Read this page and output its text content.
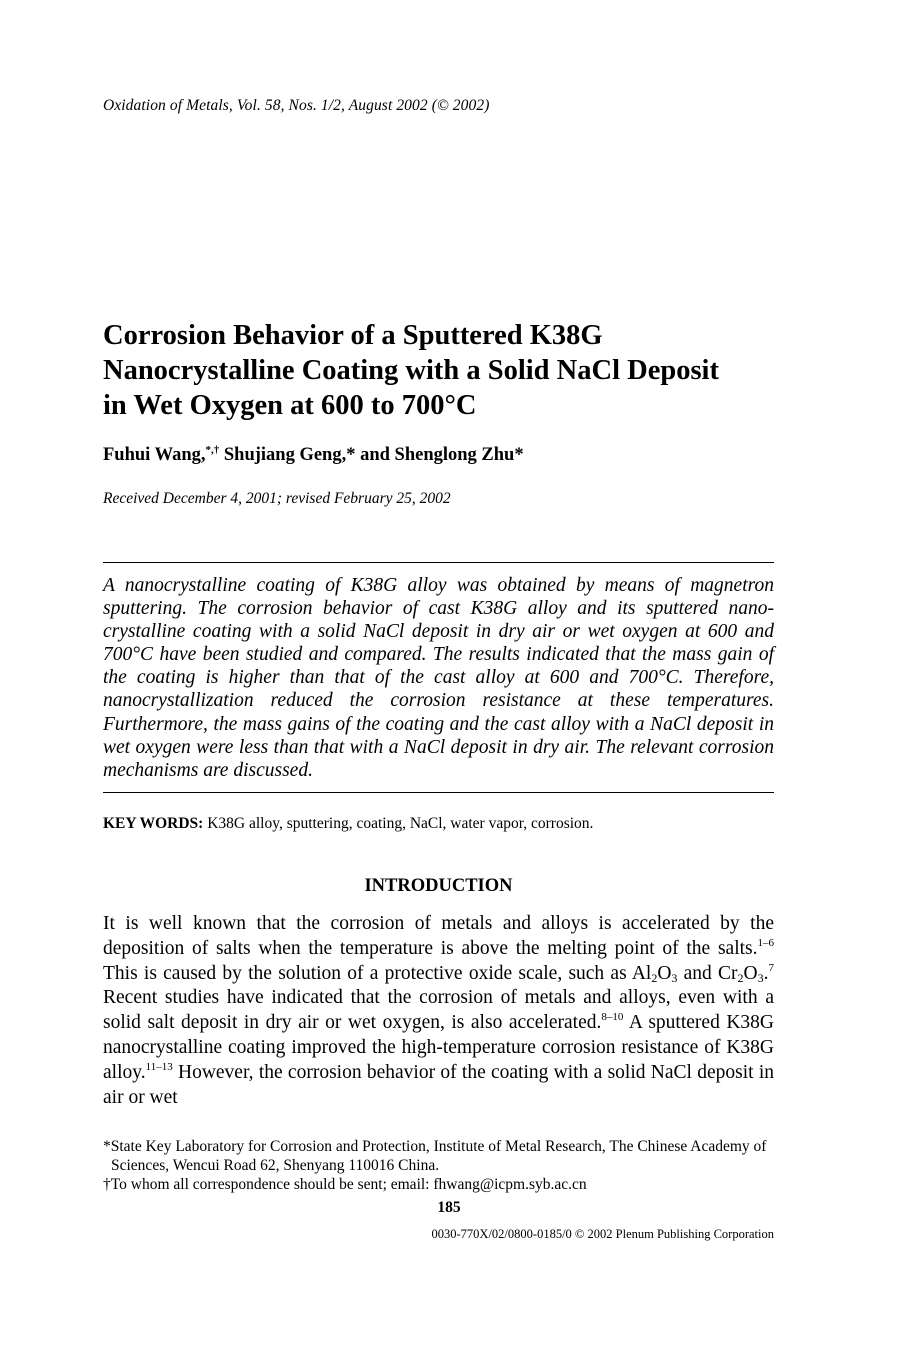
Oxidation of Metals, Vol. 58, Nos. 1/2, August 2002 (© 2002)
Corrosion Behavior of a Sputtered K38G
Nanocrystalline Coating with a Solid NaCl Deposit
in Wet Oxygen at 600 to 700°C
Fuhui Wang,*,† Shujiang Geng,* and Shenglong Zhu*
Received December 4, 2001; revised February 25, 2002

A nanocrystalline coating of K38G alloy was obtained by means of magnetron sputtering. The corrosion behavior of cast K38G alloy and its sputtered nano-crystalline coating with a solid NaCl deposit in dry air or wet oxygen at 600 and 700°C have been studied and compared. The results indicated that the mass gain of the coating is higher than that of the cast alloy at 600 and 700°C. Therefore, nanocrystallization reduced the corrosion resistance at these temperatures. Furthermore, the mass gains of the coating and the cast alloy with a NaCl deposit in wet oxygen were less than that with a NaCl deposit in dry air. The relevant corrosion mechanisms are discussed.

KEY WORDS: K38G alloy, sputtering, coating, NaCl, water vapor, corrosion.
INTRODUCTION

It is well known that the corrosion of metals and alloys is accelerated by the deposition of salts when the temperature is above the melting point of the salts.$^{1-6}$ This is caused by the solution of a protective oxide scale, such as $Al_2O_3$ and $Cr_2O_3.^7$ Recent studies have indicated that the corrosion of metals and alloys, even with a solid salt deposit in dry air or wet oxygen, is also accelerated.$^{8-10}$ A sputtered K38G nanocrystalline coating improved the high-temperature corrosion resistance of K38G alloy.$^{11-13}$ However, the corrosion behavior of the coating with a solid NaCl deposit in air or wet

*State Key Laboratory for Corrosion and Protection, Institute of Metal Research, The Chinese Academy of Sciences, Wencui Road 62, Shenyang 110016 China.

†To whom all correspondence should be sent; email: fhwang@icpm.syb.ac.cn

185
0030-770X/02/0800-0185/0 © 2002 Plenum Publishing Corporation
